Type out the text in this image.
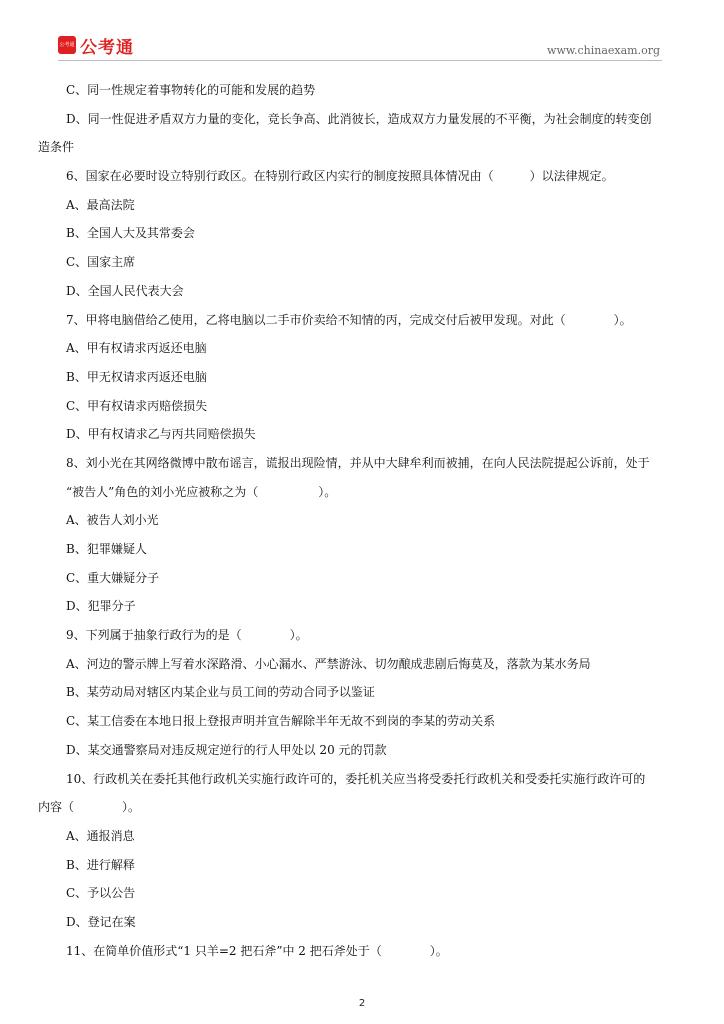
公考通 公考通	www.chinaexam.org
C、同一性规定着事物转化的可能和发展的趋势
D、同一性促进矛盾双方力量的变化，竞长争高、此消彼长，造成双方力量发展的不平衡，为社会制度的转变创
造条件
6、国家在必要时设立特别行政区。在特别行政区内实行的制度按照具体情况由（　　　）以法律规定。
A、最高法院
B、全国人大及其常委会
C、国家主席
D、全国人民代表大会
7、甲将电脑借给乙使用，乙将电脑以二手市价卖给不知情的丙，完成交付后被甲发现。对此（　　　　）。
A、甲有权请求丙返还电脑
B、甲无权请求丙返还电脑
C、甲有权请求丙赔偿损失
D、甲有权请求乙与丙共同赔偿损失
8、刘小光在其网络微博中散布谣言，谎报出现险情，并从中大肆牟利而被捕，在向人民法院提起公诉前，处于
“被告人”角色的刘小光应被称之为（　　　　　）。
A、被告人刘小光
B、犯罪嫌疑人
C、重大嫌疑分子
D、犯罪分子
9、下列属于抽象行政行为的是（　　　　）。
A、河边的警示牌上写着水深路滑、小心漏水、严禁游泳、切勿酿成悲剧后悔莫及，落款为某水务局
B、某劳动局对辖区内某企业与员工间的劳动合同予以鉴证
C、某工信委在本地日报上登报声明并宣告解除半年无故不到岗的李某的劳动关系
D、某交通警察局对违反规定逆行的行人甲处以 20 元的罚款
10、行政机关在委托其他行政机关实施行政许可的，委托机关应当将受委托行政机关和受委托实施行政许可的
内容（　　　　）。
A、通报消息
B、进行解释
C、予以公告
D、登记在案
11、在简单价值形式“1 只羊=2 把石斧”中 2 把石斧处于（　　　　）。
2
